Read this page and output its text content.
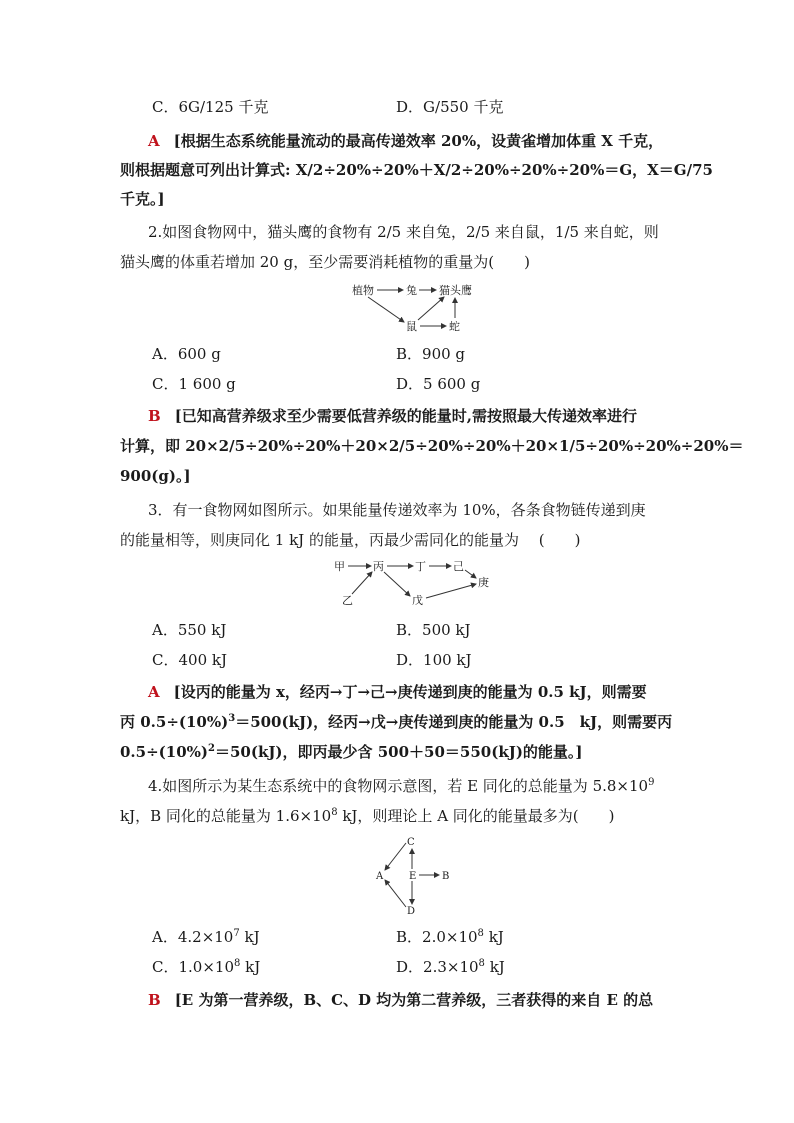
C．6G/125 千克	D．G/550 千克
A [根据生态系统能量流动的最高传递效率 20%，设黄雀增加体重 X 千克，
则根据题意可列出计算式: X/2÷20%÷20%＋X/2÷20%÷20%÷20%＝G，X＝G/75
千克。]
2.如图食物网中，猫头鹰的食物有 2/5 来自兔，2/5 来自鼠，1/5 来自蛇，则
猫头鹰的体重若增加 20 g，至少需要消耗植物的重量为(　　)
植物	兔 猫头鹰
鼠	蛇
A．600 g	B．900 g
C．1 600 g	D．5 600 g
B [已知高营养级求至少需要低营养级的能量时,需按照最大传递效率进行
计算，即 20×2/5÷20%÷20%＋20×2/5÷20%÷20%＋20×1/5÷20%÷20%÷20%＝
900(g)。]
3．有一食物网如图所示。如果能量传递效率为 10%，各条食物链传递到庚
的能量相等，则庚同化 1 kJ 的能量，丙最少需同化的能量为　 (　　)
甲	丙	丁 己
庚
乙	戊
A．550 kJ	B．500 kJ
C．400 kJ	D．100 kJ
A [设丙的能量为 x，经丙→丁→己→庚传递到庚的能量为 0.5 kJ，则需要
丙 $0.5\div(10\%)^3=500(kJ)$，经丙→戊→庚传递到庚的能量为 0.5　kJ，则需要丙
$0.5\div(10\%)^2=50(kJ)$，即丙最少含 500＋50＝550(kJ)的能量。]
4.如图所示为某生态系统中的食物网示意图，若 E 同化的总能量为 $5.8\times 10^9$
kJ，B 同化的总能量为 $1.6\times 10^8$ kJ，则理论上 A 同化的能量最多为(　　)
C
A	E	B
D
A．$4.2\times 10^7$ kJ	B．$2.0\times 10^8$ kJ
C．$1.0\times 10^8$ kJ	D．$2.3\times 10^8$ kJ
B [E 为第一营养级，B、C、D 均为第二营养级，三者获得的来自 E 的总
